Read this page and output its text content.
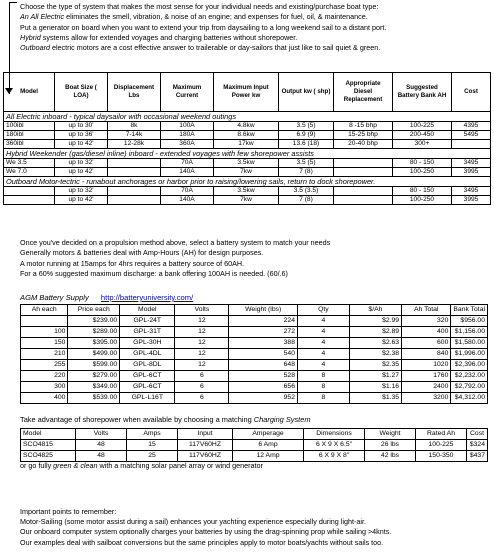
Choose the type of system that makes the most sense for your individual needs and existing/purchase boat type:
An All Electric eliminates the smell, vibration, & noise of an engine; and expenses for fuel, oil, & maintenance.
Put a generator on board when you want to extend your trip from daysailing to a long weekend sail to a distant port.
Hybrid systems allow for extended voyages and charging batteries without shorepower.
Outboard electric motors are a cost effective answer to trailerable or day-sailors that just like to sail quiet & green.
Model	Boat Size ( LOA)	Displacement Lbs	Maximum Current	Maximum Input Power kw	Output kw ( shp)	Appropriate Diesel Replacement	Suggested Battery Bank AH	Cost
All Electric inboard - typical daysailor with occasional weekend outings								
100ibl	up to 30'	8k	100A	4.8kw	3.5 (5)	8 -15 bhp	100-225	4395
180ibl	up to 36'	7-14k	180A	8.6kw	6.9 (9)	15-25 bhp	200-450	5495
360ibl	up to 42'	12-28k	360A	17kw	13.6 (18)	20-40 bhp	300+	
Hybrid Weekender (gas/diesel inline) inboard - extended voyages with few shorepower assists								
We 3.5	up to 32'		70A	3.5kw	3.5 (5)		80 - 150	3495
We 7.0	up to 42'		140A	7kw	7 (8)		100-250	3995
Outboard Motor-tectric - runabout anchorages or harbor prior to raising/lowering sails, return to dock shorepower.								
	up to 32'		70A	3.5kw	3.5 (3.5)		80 - 150	3495
	up to 42'		140A	7kw	7 (8)		100-250	3995
Once you've decided on a propulsion method above, select a battery system to match your needs
Generally motors & batteries deal with Amp-Hours (AH) for design purposes.
A motor running at 15amps for 4hrs requires a battery source of 60AH.
For a 60% suggested maximum discharge: a bank offering 100AH is needed. (60/.6)
AGM Battery Supply http://batteryuniversity.com/
Ah each	Price each	Model	Volts	Weight (lbs)	Qty	$/Ah	Ah Total	Bank Total
	$239.00	GPL-24T	12	224	4	$2.99	320	$956.00
100	$289.00	GPL-31T	12	272	4	$2.89	400	$1,156.00
150	$395.00	GPL-30H	12	388	4	$2.63	600	$1,580.00
210	$499.00	GPL-4DL	12	540	4	$2.38	840	$1,996.00
255	$599.00	GPL-8DL	12	648	4	$2.35	1020	$2,396.00
220	$279.00	GPL-6CT	6	528	8	$1.27	1760	$2,232.00
300	$349.00	GPL-6CT	6	656	8	$1.16	2400	$2,792.00
400	$539.00	GPL-L16T	6	952	8	$1.35	3200	$4,312.00
Take advantage of shorepower when available by choosing a matching Charging System
Model	Volts	Amps	Input	Amperage	Dimensions	Weight	Rated Ah	Cost
SCO4815	48	15	117V60HZ	6 Amp	6 X 9 X 6.5"	26 lbs	100-225	$324
SCO4825	48	25	117V60HZ	12 Amp	6 X 9 X 8"	42 lbs	150-350	$437
or go fully green & clean with a matching solar panel array or wind generator
Important points to remember:
Motor-Sailing (some motor assist during a sail) enhances your yachting experience especially during light-air.
Our onboard computer system optionally charges your batteries by using the drag-spinning prop while sailing >4knts.
Our examples deal with sailboat conversions but the same principles apply to motor boats/yachts without sails too.
